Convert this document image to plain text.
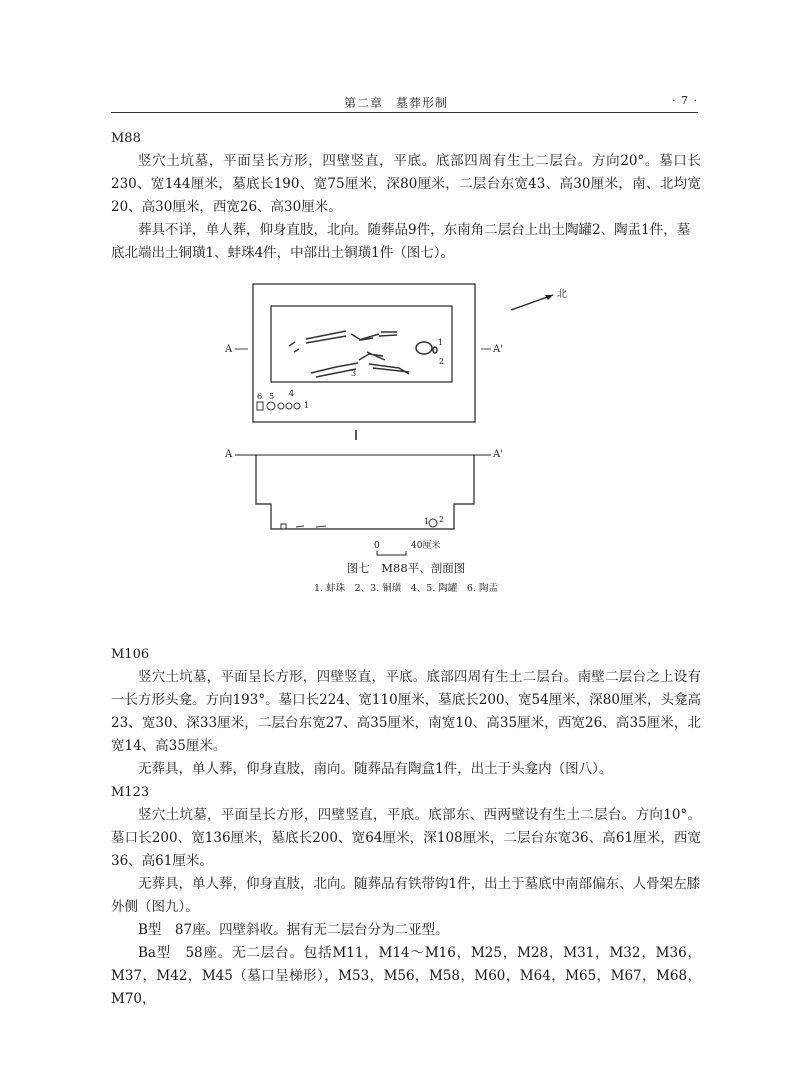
第二章　墓葬形制	· 7 ·
M88

竖穴土坑墓，平面呈长方形，四壁竖直，平底。底部四周有生土二层台。方向20°。墓口长230、宽144厘米，墓底长190、宽75厘米，深80厘米，二层台东宽43、高30厘米，南、北均宽20、高30厘米，西宽26、高30厘米。

葬具不详，单人葬，仰身直肢，北向。随葬品9件，东南角二层台上出土陶罐2、陶盂1件，墓底北端出土铜璜1、蚌珠4件，中部出土铜璜1件（图七）。

A	A'
北
1
2
3
6 5 4
1
A	A'
1 2
0	40厘米
图七　M88平、剖面图
1. 蚌珠　2、3. 铜璜　4、5. 陶罐　6. 陶盂
M106

竖穴土坑墓，平面呈长方形，四壁竖直，平底。底部四周有生土二层台。南壁二层台之上设有一长方形头龛。方向193°。墓口长224、宽110厘米，墓底长200、宽54厘米，深80厘米，头龛高23、宽30、深33厘米，二层台东宽27、高35厘米，南宽10、高35厘米，西宽26、高35厘米，北宽14、高35厘米。

无葬具，单人葬，仰身直肢，南向。随葬品有陶盒1件，出土于头龛内（图八）。

M123

竖穴土坑墓，平面呈长方形，四壁竖直，平底。底部东、西两壁设有生土二层台。方向10°。墓口长200、宽136厘米，墓底长200、宽64厘米，深108厘米，二层台东宽36、高61厘米，西宽36、高61厘米。

无葬具，单人葬，仰身直肢，北向。随葬品有铁带钩1件，出土于墓底中南部偏东、人骨架左膝外侧（图九）。

B型　87座。四壁斜收。据有无二层台分为二亚型。

Ba型　58座。无二层台。包括M11，M14～M16，M25，M28，M31，M32，M36，M37，M42，M45（墓口呈梯形），M53，M56，M58，M60，M64，M65，M67，M68，M70，
